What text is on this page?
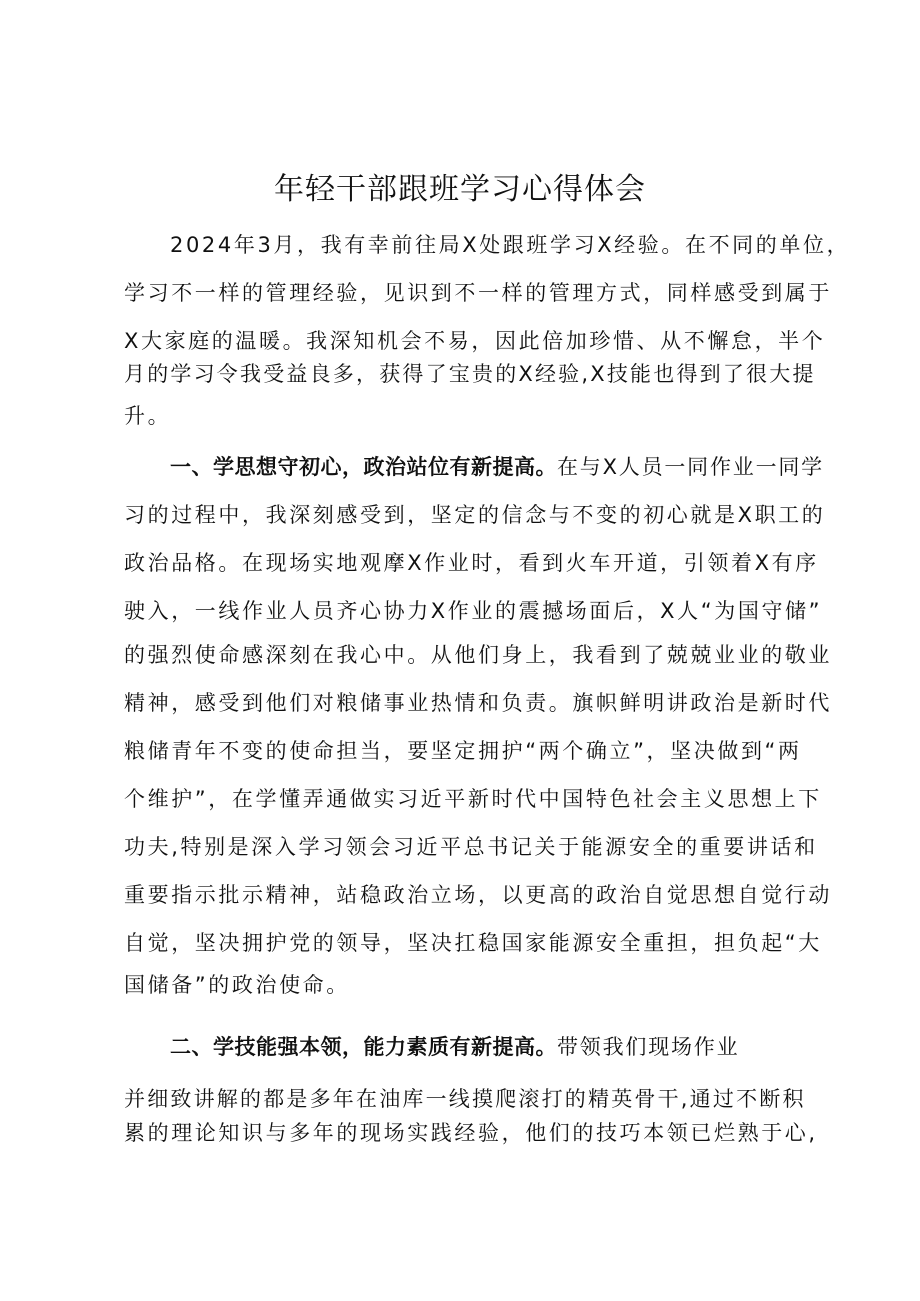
年轻干部跟班学习心得体会
2024年3月，我有幸前往局X处跟班学习X经验。在不同的单位，
学习不一样的管理经验，见识到不一样的管理方式，同样感受到属于
X大家庭的温暖。我深知机会不易，因此倍加珍惜、从不懈怠，半个
月的学习令我受益良多，获得了宝贵的X经验,X技能也得到了很大提
升。
一、学思想守初心，政治站位有新提高。在与X人员一同作业一同学
习的过程中，我深刻感受到，坚定的信念与不变的初心就是X职工的
政治品格。在现场实地观摩X作业时，看到火车开道，引领着X有序
驶入，一线作业人员齐心协力X作业的震撼场面后，X人“为国守储”
的强烈使命感深刻在我心中。从他们身上，我看到了兢兢业业的敬业
精神，感受到他们对粮储事业热情和负责。旗帜鲜明讲政治是新时代
粮储青年不变的使命担当，要坚定拥护“两个确立”，坚决做到“两
个维护”，在学懂弄通做实习近平新时代中国特色社会主义思想上下
功夫,特别是深入学习领会习近平总书记关于能源安全的重要讲话和
重要指示批示精神，站稳政治立场，以更高的政治自觉思想自觉行动
自觉，坚决拥护党的领导，坚决扛稳国家能源安全重担，担负起“大
国储备”的政治使命。
二、学技能强本领，能力素质有新提高。带领我们现场作业
并细致讲解的都是多年在油库一线摸爬滚打的精英骨干,通过不断积
累的理论知识与多年的现场实践经验，他们的技巧本领已烂熟于心,
